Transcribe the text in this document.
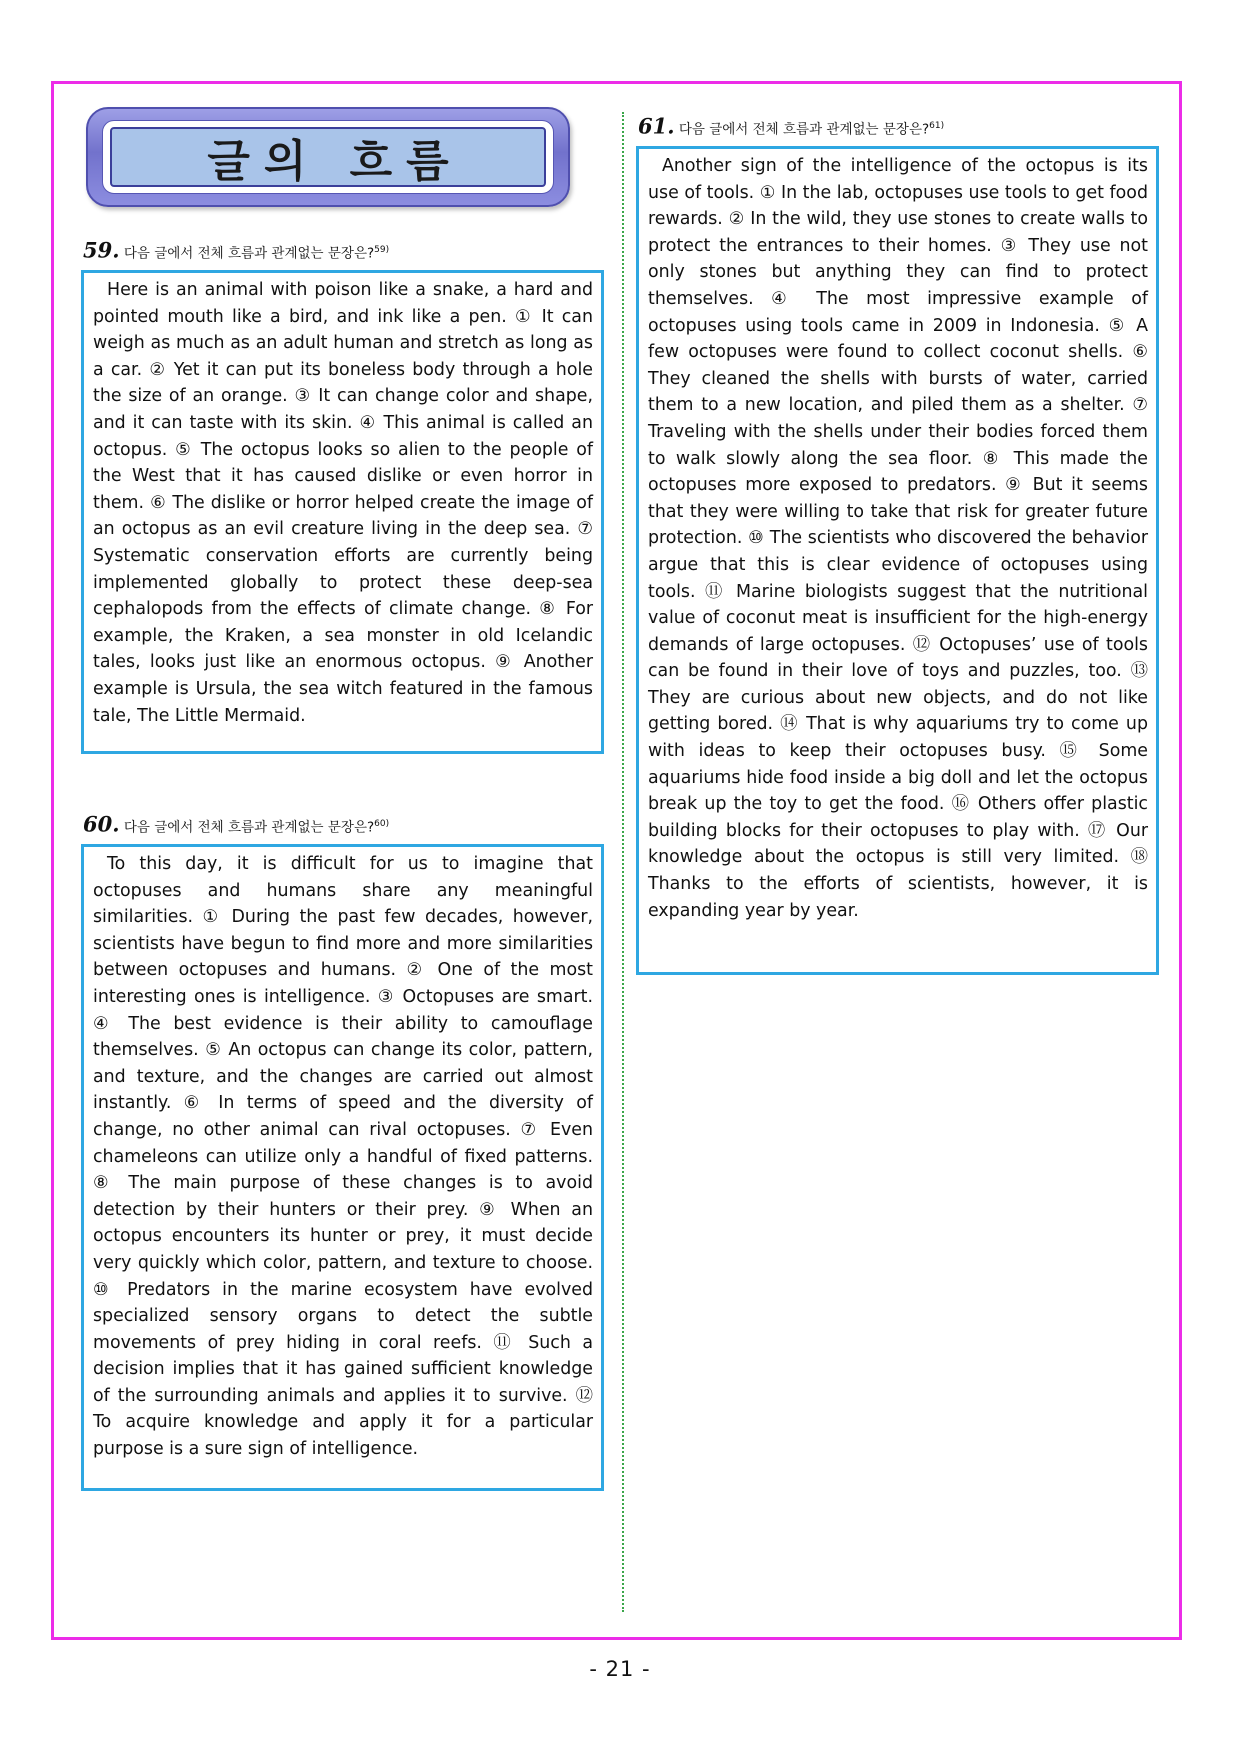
글의 흐름
59. 다음 글에서 전체 흐름과 관계없는 문장은?$^{59)}$

Here is an animal with poison like a snake, a hard and pointed mouth like a bird, and ink like a pen. ① It can weigh as much as an adult human and stretch as long as a car. ② Yet it can put its boneless body through a hole the size of an orange. ③ It can change color and shape, and it can taste with its skin. ④ This animal is called an octopus. ⑤ The octopus looks so alien to the people of the West that it has caused dislike or even horror in them. ⑥ The dislike or horror helped create the image of an octopus as an evil creature living in the deep sea. ⑦ Systematic conservation efforts are currently being implemented globally to protect these deep-sea cephalopods from the effects of climate change. ⑧ For example, the Kraken, a sea monster in old Icelandic tales, looks just like an enormous octopus. ⑨ Another example is Ursula, the sea witch featured in the famous tale, The Little Mermaid.

60. 다음 글에서 전체 흐름과 관계없는 문장은?$^{60)}$

To this day, it is difficult for us to imagine that octopuses and humans share any meaningful similarities. ① During the past few decades, however, scientists have begun to find more and more similarities between octopuses and humans. ② One of the most interesting ones is intelligence. ③ Octopuses are smart. ④ The best evidence is their ability to camouflage themselves. ⑤ An octopus can change its color, pattern, and texture, and the changes are carried out almost instantly. ⑥ In terms of speed and the diversity of change, no other animal can rival octopuses. ⑦ Even chameleons can utilize only a handful of fixed patterns. ⑧ The main purpose of these changes is to avoid detection by their hunters or their prey. ⑨ When an octopus encounters its hunter or prey, it must decide very quickly which color, pattern, and texture to choose. ⑩ Predators in the marine ecosystem have evolved specialized sensory organs to detect the subtle movements of prey hiding in coral reefs. ⑪ Such a decision implies that it has gained sufficient knowledge of the surrounding animals and applies it to survive. ⑫ To acquire knowledge and apply it for a particular purpose is a sure sign of intelligence.

61. 다음 글에서 전체 흐름과 관계없는 문장은?$^{61)}$

Another sign of the intelligence of the octopus is its use of tools. ① In the lab, octopuses use tools to get food rewards. ② In the wild, they use stones to create walls to protect the entrances to their homes. ③ They use not only stones but anything they can find to protect themselves. ④ The most impressive example of octopuses using tools came in 2009 in Indonesia. ⑤ A few octopuses were found to collect coconut shells. ⑥ They cleaned the shells with bursts of water, carried them to a new location, and piled them as a shelter. ⑦ Traveling with the shells under their bodies forced them to walk slowly along the sea floor. ⑧ This made the octopuses more exposed to predators. ⑨ But it seems that they were willing to take that risk for greater future protection. ⑩ The scientists who discovered the behavior argue that this is clear evidence of octopuses using tools. ⑪ Marine biologists suggest that the nutritional value of coconut meat is insufficient for the high-energy demands of large octopuses. ⑫ Octopuses’ use of tools can be found in their love of toys and puzzles, too. ⑬ They are curious about new objects, and do not like getting bored. ⑭ That is why aquariums try to come up with ideas to keep their octopuses busy. ⑮ Some aquariums hide food inside a big doll and let the octopus break up the toy to get the food. ⑯ Others offer plastic building blocks for their octopuses to play with. ⑰ Our knowledge about the octopus is still very limited. ⑱ Thanks to the efforts of scientists, however, it is expanding year by year.

- 21 -
